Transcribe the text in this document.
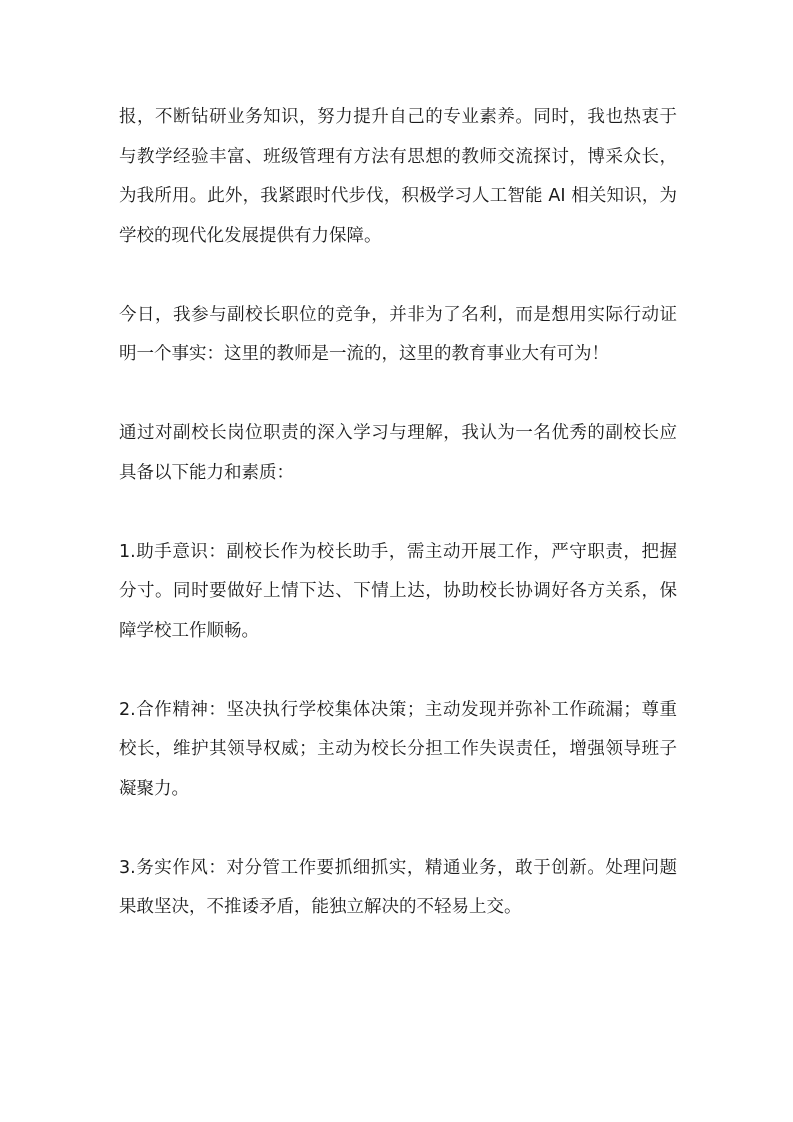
报，不断钻研业务知识，努力提升自己的专业素养。同时，我也热衷于与教学经验丰富、班级管理有方法有思想的教师交流探讨，博采众长，为我所用。此外，我紧跟时代步伐，积极学习人工智能 AI 相关知识，为学校的现代化发展提供有力保障。

今日，我参与副校长职位的竞争，并非为了名利，而是想用实际行动证明一个事实：这里的教师是一流的，这里的教育事业大有可为！

通过对副校长岗位职责的深入学习与理解，我认为一名优秀的副校长应具备以下能力和素质：

1.助手意识：副校长作为校长助手，需主动开展工作，严守职责，把握分寸。同时要做好上情下达、下情上达，协助校长协调好各方关系，保障学校工作顺畅。

2.合作精神：坚决执行学校集体决策；主动发现并弥补工作疏漏；尊重校长，维护其领导权威；主动为校长分担工作失误责任，增强领导班子凝聚力。

3.务实作风：对分管工作要抓细抓实，精通业务，敢于创新。处理问题果敢坚决，不推诿矛盾，能独立解决的不轻易上交。
